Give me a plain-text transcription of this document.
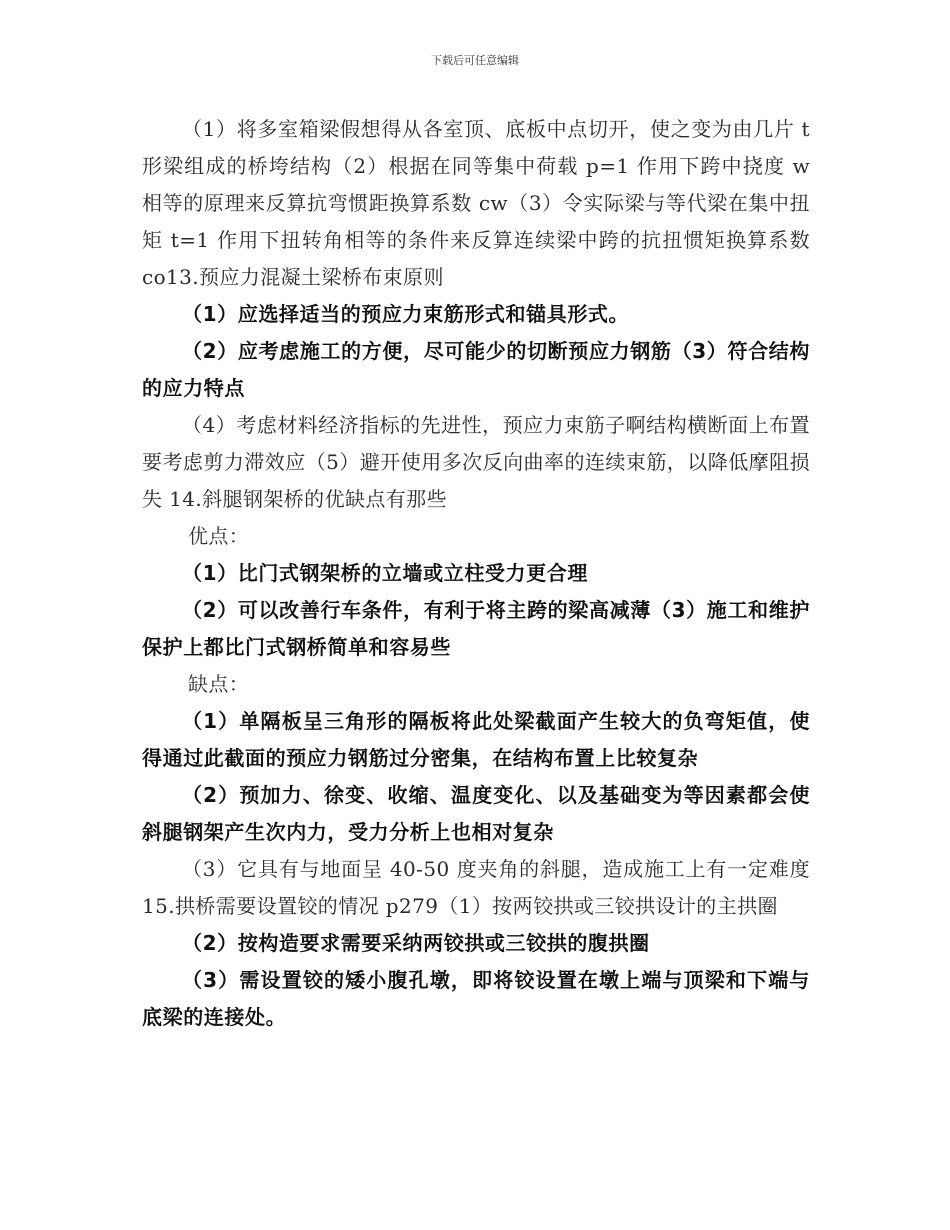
下载后可任意编辑

（1）将多室箱梁假想得从各室顶、底板中点切开，使之变为由几片 t 形梁组成的桥垮结构（2）根据在同等集中荷载 p=1 作用下跨中挠度 w 相等的原理来反算抗弯惯距换算系数 cw（3）令实际梁与等代梁在集中扭矩 t=1 作用下扭转角相等的条件来反算连续梁中跨的抗扭惯矩换算系数 co13.预应力混凝土梁桥布束原则

（1）应选择适当的预应力束筋形式和锚具形式。

（2）应考虑施工的方便，尽可能少的切断预应力钢筋（3）符合结构的应力特点

（4）考虑材料经济指标的先进性，预应力束筋子啊结构横断面上布置要考虑剪力滞效应（5）避开使用多次反向曲率的连续束筋，以降低摩阻损失 14.斜腿钢架桥的优缺点有那些

优点：

（1）比门式钢架桥的立墙或立柱受力更合理

（2）可以改善行车条件，有利于将主跨的梁高减薄（3）施工和维护保护上都比门式钢桥简单和容易些

缺点：

（1）单隔板呈三角形的隔板将此处梁截面产生较大的负弯矩值，使得通过此截面的预应力钢筋过分密集，在结构布置上比较复杂

（2）预加力、徐变、收缩、温度变化、以及基础变为等因素都会使斜腿钢架产生次内力，受力分析上也相对复杂

（3）它具有与地面呈 40-50 度夹角的斜腿，造成施工上有一定难度 15.拱桥需要设置铰的情况 p279（1）按两铰拱或三铰拱设计的主拱圈

（2）按构造要求需要采纳两铰拱或三铰拱的腹拱圈

（3）需设置铰的矮小腹孔墩，即将铰设置在墩上端与顶梁和下端与底梁的连接处。
